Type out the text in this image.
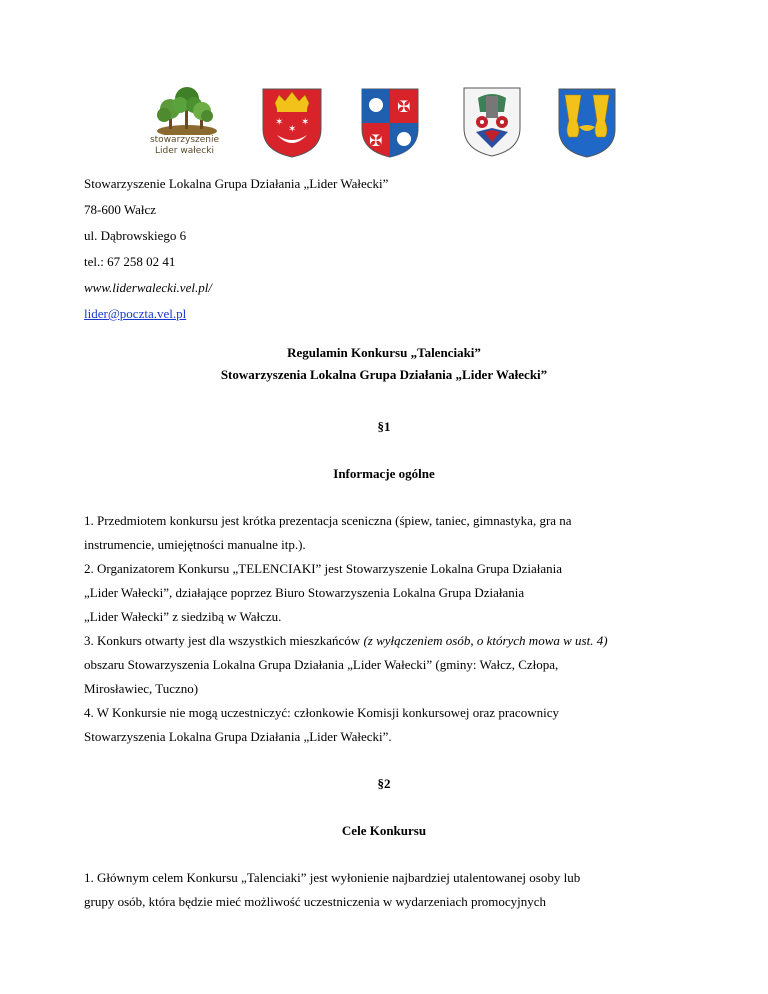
stowarzyszenie
Lider wałecki
✶ ✶
✶
✠
✠
Stowarzyszenie Lokalna Grupa Działania „Lider Wałecki”
78-600 Wałcz
ul. Dąbrowskiego 6
tel.: 67 258 02 41
www.liderwalecki.vel.pl/
lider@poczta.vel.pl
Regulamin Konkursu „Talenciaki”
Stowarzyszenia Lokalna Grupa Działania „Lider Wałecki”
§1
Informacje ogólne
1. Przedmiotem konkursu jest krótka prezentacja sceniczna (śpiew, taniec, gimnastyka, gra na
instrumencie, umiejętności manualne itp.).
2. Organizatorem Konkursu „TELENCIAKI” jest Stowarzyszenie Lokalna Grupa Działania
„Lider Wałecki”, działające poprzez Biuro Stowarzyszenia Lokalna Grupa Działania
„Lider Wałecki” z siedzibą w Wałczu.
3. Konkurs otwarty jest dla wszystkich mieszkańców (z wyłączeniem osób, o których mowa w ust. 4)
obszaru Stowarzyszenia Lokalna Grupa Działania „Lider Wałecki” (gminy: Wałcz, Człopa,
Mirosławiec, Tuczno)
4. W Konkursie nie mogą uczestniczyć: członkowie Komisji konkursowej oraz pracownicy
Stowarzyszenia Lokalna Grupa Działania „Lider Wałecki”.
§2
Cele Konkursu
1. Głównym celem Konkursu „Talenciaki” jest wyłonienie najbardziej utalentowanej osoby lub
grupy osób, która będzie mieć możliwość uczestniczenia w wydarzeniach promocyjnych
